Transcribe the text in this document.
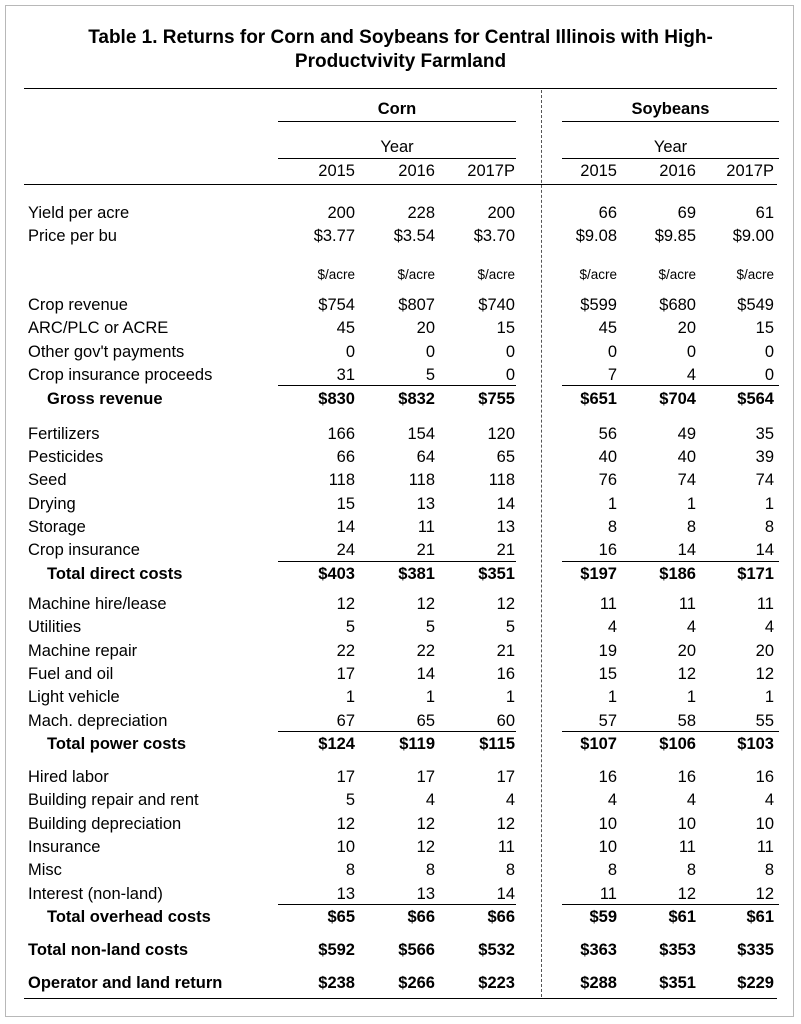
Table 1. Returns for Corn and Soybeans for Central Illinois with High-
Productvivity Farmland
Corn	Soybeans
Year	Year
2015	2016	2017P	2015	2016	2017P
Yield per acre	200	228	200	66	69	61
Price per bu	$3.77	$3.54	$3.70	$9.08	$9.85	$9.00
$/acre	$/acre	$/acre	$/acre	$/acre	$/acre
Crop revenue	$754	$807	$740	$599	$680	$549
ARC/PLC or ACRE	45	20	15	45	20	15
Other gov't payments	0	0	0	0	0	0
Crop insurance proceeds	31	5	0	7	4	0
Gross revenue	$830	$832	$755	$651	$704	$564
Fertilizers	166	154	120	56	49	35
Pesticides	66	64	65	40	40	39
Seed	118	118	118	76	74	74
Drying	15	13	14	1	1	1
Storage	14	11	13	8	8	8
Crop insurance	24	21	21	16	14	14
Total direct costs	$403	$381	$351	$197	$186	$171
Machine hire/lease	12	12	12	11	11	11
Utilities	5	5	5	4	4	4
Machine repair	22	22	21	19	20	20
Fuel and oil	17	14	16	15	12	12
Light vehicle	1	1	1	1	1	1
Mach. depreciation	67	65	60	57	58	55
Total power costs	$124	$119	$115	$107	$106	$103
Hired labor	17	17	17	16	16	16
Building repair and rent	5	4	4	4	4	4
Building depreciation	12	12	12	10	10	10
Insurance	10	12	11	10	11	11
Misc	8	8	8	8	8	8
Interest (non-land)	13	13	14	11	12	12
Total overhead costs	$65	$66	$66	$59	$61	$61
Total non-land costs	$592	$566	$532	$363	$353	$335
Operator and land return	$238	$266	$223	$288	$351	$229
